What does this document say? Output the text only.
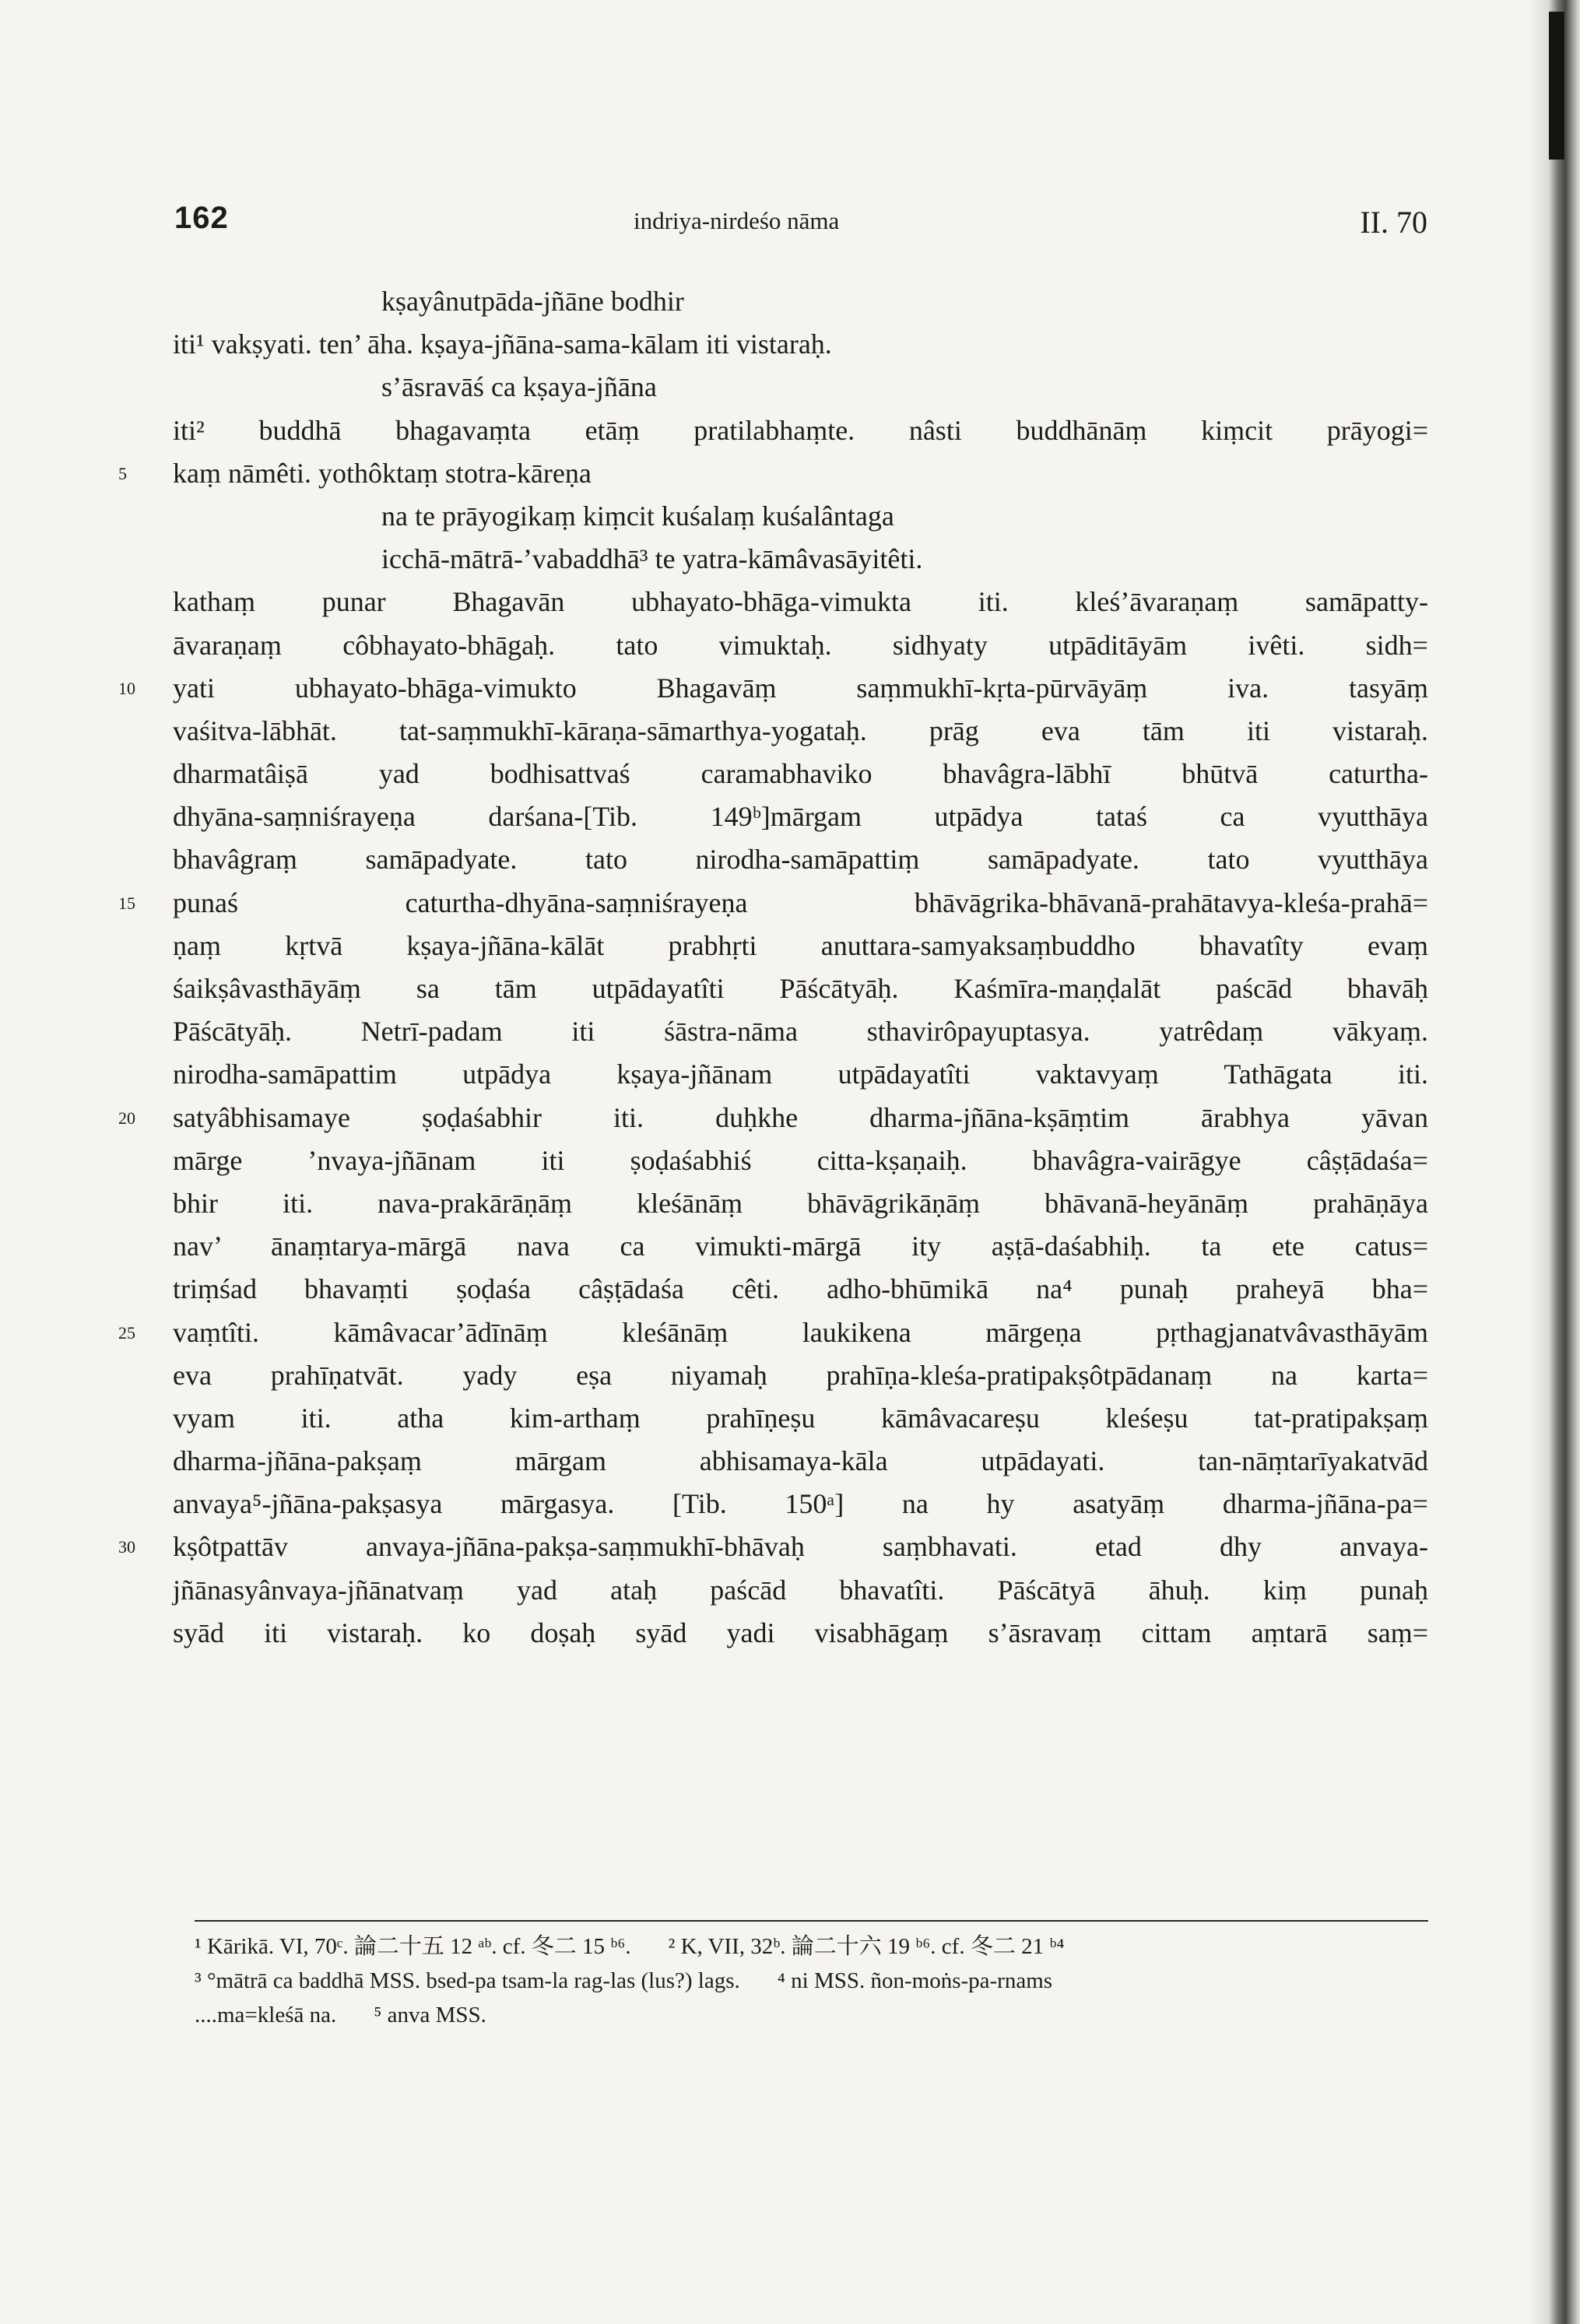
162	indriya-nirdeśo nāma	II. 70
kṣayânutpāda-jñāne bodhir
iti¹ vakṣyati. ten’ āha. kṣaya-jñāna-sama-kālam iti vistaraḥ.
s’āsravāś ca kṣaya-jñāna
iti² buddhā bhagavaṃta etāṃ pratilabhaṃte. nâsti buddhānāṃ kiṃcit prāyogi=
5	kaṃ nāmêti. yothôktaṃ stotra-kāreṇa
na te prāyogikaṃ kiṃcit kuśalaṃ kuśalântaga
icchā-mātrā-’vabaddhā³ te yatra-kāmâvasāyitêti.
kathaṃ punar Bhagavān ubhayato-bhāga-vimukta iti. kleś’āvaraṇaṃ samāpatty-
āvaraṇaṃ côbhayato-bhāgaḥ. tato vimuktaḥ. sidhyaty utpāditāyām ivêti. sidh=
10	yati ubhayato-bhāga-vimukto Bhagavāṃ saṃmukhī-kṛta-pūrvāyāṃ iva. tasyāṃ
vaśitva-lābhāt. tat-saṃmukhī-kāraṇa-sāmarthya-yogataḥ. prāg eva tām iti vistaraḥ.
dharmatâiṣā yad bodhisattvaś caramabhaviko bhavâgra-lābhī bhūtvā caturtha-
dhyāna-saṃniśrayeṇa darśana-[Tib. 149ᵇ]mārgam utpādya tataś ca vyutthāya
bhavâgraṃ samāpadyate. tato nirodha-samāpattiṃ samāpadyate. tato vyutthāya
15	punaś caturtha-dhyāna-saṃniśrayeṇa bhāvāgrika-bhāvanā-prahātavya-kleśa-prahā=
ṇaṃ kṛtvā kṣaya-jñāna-kālāt prabhṛti anuttara-samyaksaṃbuddho bhavatîty evaṃ
śaikṣâvasthāyāṃ sa tām utpādayatîti Pāścātyāḥ. Kaśmīra-maṇḍalāt paścād bhavāḥ
Pāścātyāḥ. Netrī-padam iti śāstra-nāma sthavirôpayuptasya. yatrêdaṃ vākyaṃ.
nirodha-samāpattim utpādya kṣaya-jñānam utpādayatîti vaktavyaṃ Tathāgata iti.
20	satyâbhisamaye ṣoḍaśabhir iti. duḥkhe dharma-jñāna-kṣāṃtim ārabhya yāvan
mārge ’nvaya-jñānam iti ṣoḍaśabhiś citta-kṣaṇaiḥ. bhavâgra-vairāgye câṣṭādaśa=
bhir iti. nava-prakārāṇāṃ kleśānāṃ bhāvāgrikāṇāṃ bhāvanā-heyānāṃ prahāṇāya
nav’ ānaṃtarya-mārgā nava ca vimukti-mārgā ity aṣṭā-daśabhiḥ. ta ete catus=
triṃśad bhavaṃti ṣoḍaśa câṣṭādaśa cêti. adho-bhūmikā na⁴ punaḥ praheyā bha=
25	vaṃtîti. kāmâvacar’ādīnāṃ kleśānāṃ laukikena mārgeṇa pṛthagjanatvâvasthāyām
eva prahīṇatvāt. yady eṣa niyamaḥ prahīṇa-kleśa-pratipakṣôtpādanaṃ na karta=
vyam iti. atha kim-arthaṃ prahīṇeṣu kāmâvacareṣu kleśeṣu tat-pratipakṣaṃ
dharma-jñāna-pakṣaṃ mārgam abhisamaya-kāla utpādayati. tan-nāṃtarīyakatvād
anvaya⁵-jñāna-pakṣasya mārgasya. [Tib. 150ᵃ] na hy asatyāṃ dharma-jñāna-pa=
30	kṣôtpattāv anvaya-jñāna-pakṣa-saṃmukhī-bhāvaḥ saṃbhavati. etad dhy anvaya-
jñānasyânvaya-jñānatvaṃ yad ataḥ paścād bhavatîti. Pāścātyā āhuḥ. kiṃ punaḥ
syād iti vistaraḥ. ko doṣaḥ syād yadi visabhāgaṃ s’āsravaṃ cittam aṃtarā saṃ=
¹ Kārikā. VI, 70ᶜ. 論二十五 12 ᵃᵇ. cf. 冬二 15 ᵇ⁶. ² K, VII, 32ᵇ. 論二十六 19 ᵇ⁶. cf. 冬二 21 ᵇ⁴
³ °mātrā ca baddhā MSS. bsed-pa tsam-la rag-las (lus?) lags. ⁴ ni MSS. ñon-moṅs-pa-rnams
....ma=kleśā na. ⁵ anva MSS.
